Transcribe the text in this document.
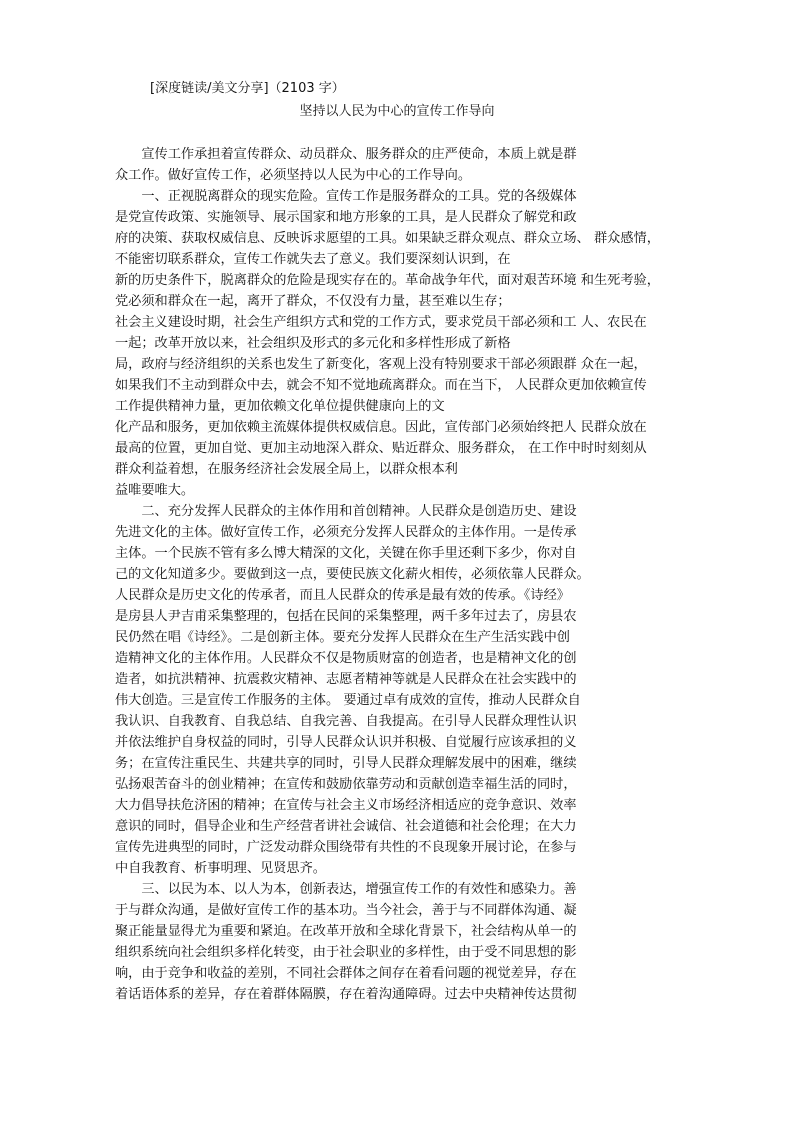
[深度链读/美文分享]（2103 字）
坚持以人民为中心的宣传工作导向
　　宣传工作承担着宣传群众、动员群众、服务群众的庄严使命，本质上就是群
众工作。做好宣传工作，必须坚持以人民为中心的工作导向。
　　一、正视脱离群众的现实危险。宣传工作是服务群众的工具。党的各级媒体
是党宣传政策、实施领导、展示国家和地方形象的工具，是人民群众了解党和政
府的决策、获取权威信息、反映诉求愿望的工具。如果缺乏群众观点、群众立场、 群众感情，
不能密切联系群众，宣传工作就失去了意义。我们要深刻认识到，在
新的历史条件下，脱离群众的危险是现实存在的。革命战争年代，面对艰苦环境 和生死考验，
党必须和群众在一起，离开了群众，不仅没有力量，甚至难以生存；
社会主义建设时期，社会生产组织方式和党的工作方式，要求党员干部必须和工 人、农民在
一起；改革开放以来，社会组织及形式的多元化和多样性形成了新格
局，政府与经济组织的关系也发生了新变化，客观上没有特别要求干部必须跟群 众在一起，
如果我们不主动到群众中去，就会不知不觉地疏离群众。而在当下， 人民群众更加依赖宣传
工作提供精神力量，更加依赖文化单位提供健康向上的文
化产品和服务，更加依赖主流媒体提供权威信息。因此，宣传部门必须始终把人 民群众放在
最高的位置，更加自觉、更加主动地深入群众、贴近群众、服务群众， 在工作中时时刻刻从
群众利益着想，在服务经济社会发展全局上，以群众根本利
益唯要唯大。
　　二、充分发挥人民群众的主体作用和首创精神。人民群众是创造历史、建设
先进文化的主体。做好宣传工作，必须充分发挥人民群众的主体作用。一是传承
主体。一个民族不管有多么博大精深的文化，关键在你手里还剩下多少，你对自
己的文化知道多少。要做到这一点，要使民族文化薪火相传，必须依靠人民群众。
人民群众是历史文化的传承者，而且人民群众的传承是最有效的传承。《诗经》
是房县人尹吉甫采集整理的，包括在民间的采集整理，两千多年过去了，房县农
民仍然在唱《诗经》。二是创新主体。要充分发挥人民群众在生产生活实践中创
造精神文化的主体作用。人民群众不仅是物质财富的创造者，也是精神文化的创
造者，如抗洪精神、抗震救灾精神、志愿者精神等就是人民群众在社会实践中的
伟大创造。三是宣传工作服务的主体。 要通过卓有成效的宣传，推动人民群众自
我认识、自我教育、自我总结、自我完善、自我提高。在引导人民群众理性认识
并依法维护自身权益的同时，引导人民群众认识并积极、自觉履行应该承担的义
务；在宣传注重民生、共建共享的同时，引导人民群众理解发展中的困难，继续
弘扬艰苦奋斗的创业精神；在宣传和鼓励依靠劳动和贡献创造幸福生活的同时，
大力倡导扶危济困的精神；在宣传与社会主义市场经济相适应的竞争意识、效率
意识的同时，倡导企业和生产经营者讲社会诚信、社会道德和社会伦理；在大力
宣传先进典型的同时，广泛发动群众围绕带有共性的不良现象开展讨论，在参与
中自我教育、析事明理、见贤思齐。
　　三、以民为本、以人为本，创新表达，增强宣传工作的有效性和感染力。善
于与群众沟通，是做好宣传工作的基本功。当今社会，善于与不同群体沟通、凝
聚正能量显得尤为重要和紧迫。在改革开放和全球化背景下，社会结构从单一的
组织系统向社会组织多样化转变，由于社会职业的多样性，由于受不同思想的影
响，由于竞争和收益的差别，不同社会群体之间存在着看问题的视觉差异，存在
着话语体系的差异，存在着群体隔膜，存在着沟通障碍。过去中央精神传达贯彻
